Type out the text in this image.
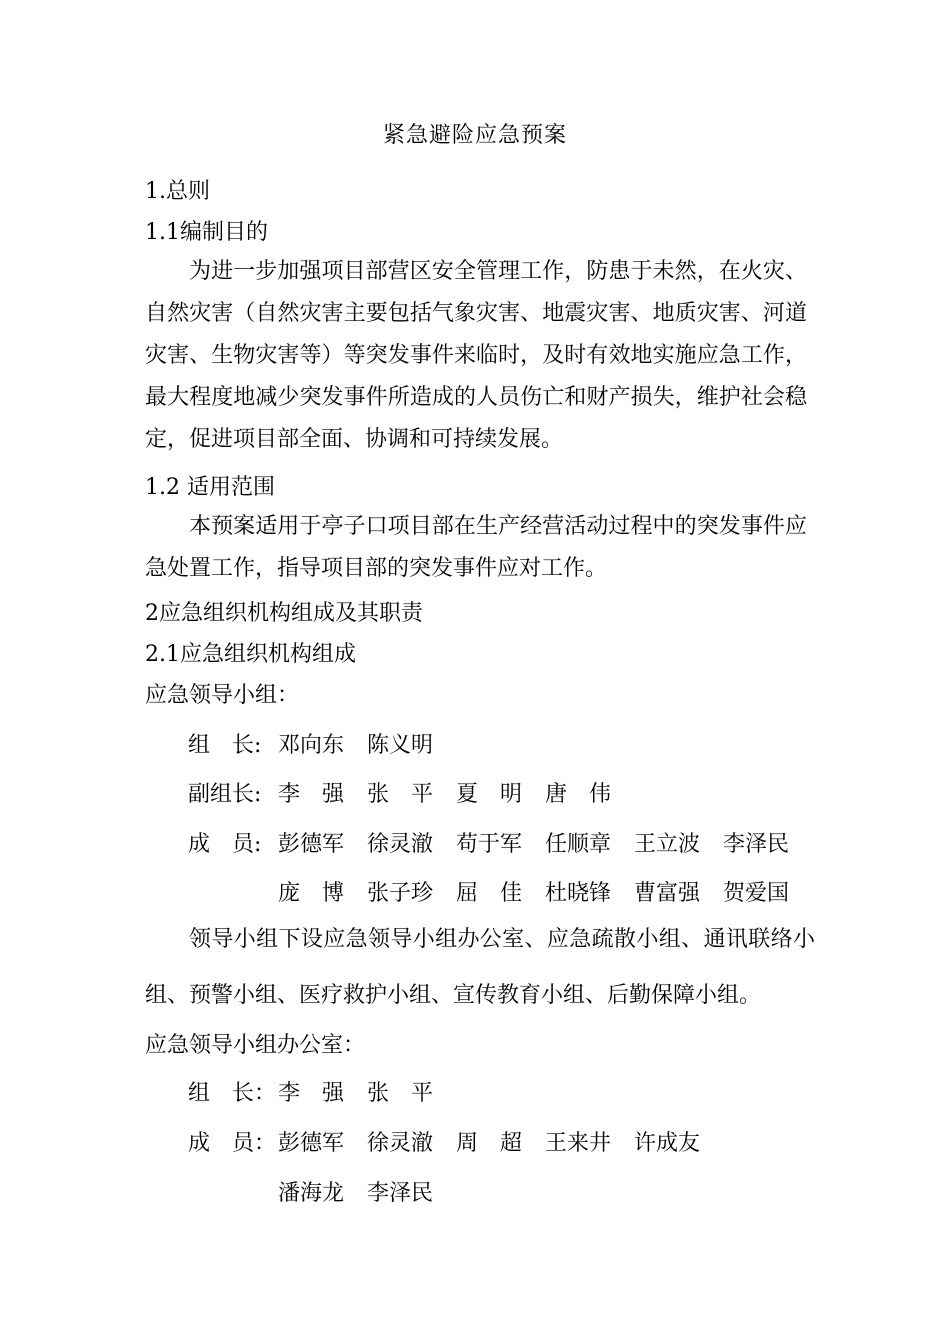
紧急避险应急预案
1.总则
1.1编制目的
为进一步加强项目部营区安全管理工作，防患于未然，在火灾、自然灾害（自然灾害主要包括气象灾害、地震灾害、地质灾害、河道灾害、生物灾害等）等突发事件来临时，及时有效地实施应急工作，最大程度地减少突发事件所造成的人员伤亡和财产损失，维护社会稳定，促进项目部全面、协调和可持续发展。
1.2 适用范围
本预案适用于亭子口项目部在生产经营活动过程中的突发事件应急处置工作，指导项目部的突发事件应对工作。
2应急组织机构组成及其职责
2.1应急组织机构组成
应急领导小组：
组　长: 邓向东	陈义明
副组长: 李　强	张　平	夏　明	唐　伟
成　员: 彭德军	徐灵澈	苟于军	任顺章	王立波	李泽民
庞　博	张子珍	屈　佳	杜晓锋	曹富强	贺爱国
领导小组下设应急领导小组办公室、应急疏散小组、通讯联络小组、预警小组、医疗救护小组、宣传教育小组、后勤保障小组。
应急领导小组办公室：
组　长： 李　强	张　平
成　员： 彭德军	徐灵澈	周　超	王来井	许成友
潘海龙	李泽民
